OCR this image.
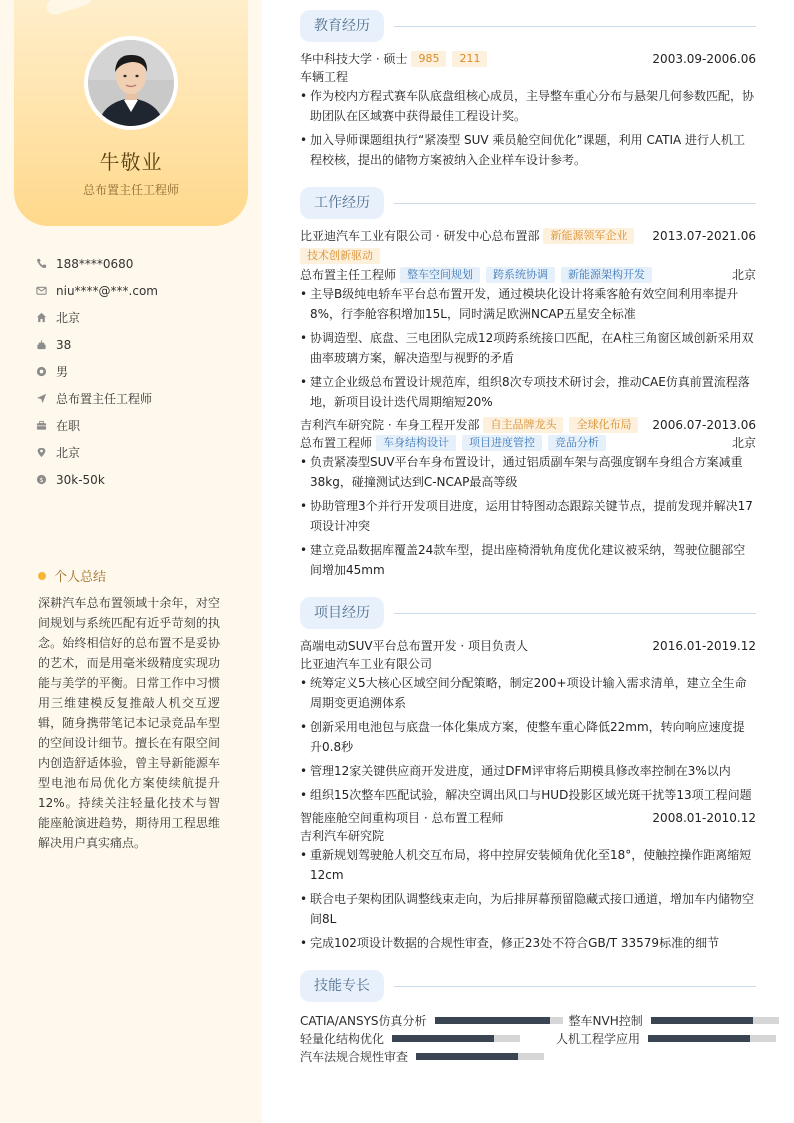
牛敬业
总布置主任工程师
188****0680
niu****@***.com
北京
38
男
总布置主任工程师
在职
北京
$ 30k-50k
个人总结
深耕汽车总布置领域十余年，对空间规划与系统匹配有近乎苛刻的执念。始终相信好的总布置不是妥协的艺术，而是用毫米级精度实现功能与美学的平衡。日常工作中习惯用三维建模反复推敲人机交互逻辑，随身携带笔记本记录竞品车型的空间设计细节。擅长在有限空间内创造舒适体验，曾主导新能源车型电池布局优化方案使续航提升12%。持续关注轻量化技术与智能座舱演进趋势，期待用工程思维解决用户真实痛点。
教育经历
华中科技大学 · 硕士	985	211	2003.09-2006.06
车辆工程
• 作为校内方程式赛车队底盘组核心成员，主导整车重心分布与悬架几何参数匹配，协助团队在区域赛中获得最佳工程设计奖。
• 加入导师课题组执行“紧凑型 SUV 乘员舱空间优化”课题，利用 CATIA 进行人机工程校核，提出的储物方案被纳入企业样车设计参考。
工作经历
比亚迪汽车工业有限公司 · 研发中心总布置部	新能源领军企业	2013.07-2021.06
技术创新驱动
总布置主任工程师	整车空间规划	跨系统协调	新能源架构开发	北京
• 主导B级纯电轿车平台总布置开发，通过模块化设计将乘客舱有效空间利用率提升8%，行李舱容积增加15L，同时满足欧洲NCAP五星安全标准
• 协调造型、底盘、三电团队完成12项跨系统接口匹配，在A柱三角窗区域创新采用双曲率玻璃方案，解决造型与视野的矛盾
• 建立企业级总布置设计规范库，组织8次专项技术研讨会，推动CAE仿真前置流程落地，新项目设计迭代周期缩短20%
吉利汽车研究院 · 车身工程开发部	自主品牌龙头	全球化布局	2006.07-2013.06
总布置工程师	车身结构设计	项目进度管控	竞品分析	北京
• 负责紧凑型SUV平台车身布置设计，通过铝质副车架与高强度钢车身组合方案减重38kg，碰撞测试达到C-NCAP最高等级
• 协助管理3个并行开发项目进度，运用甘特图动态跟踪关键节点，提前发现并解决17项设计冲突
• 建立竞品数据库覆盖24款车型，提出座椅滑轨角度优化建议被采纳，驾驶位腿部空间增加45mm
项目经历
高端电动SUV平台总布置开发 · 项目负责人	2016.01-2019.12
比亚迪汽车工业有限公司
• 统筹定义5大核心区域空间分配策略，制定200+项设计输入需求清单，建立全生命周期变更追溯体系
• 创新采用电池包与底盘一体化集成方案，使整车重心降低22mm，转向响应速度提升0.8秒
• 管理12家关键供应商开发进度，通过DFM评审将后期模具修改率控制在3%以内
• 组织15次整车匹配试验，解决空调出风口与HUD投影区域光斑干扰等13项工程问题
智能座舱空间重构项目 · 总布置工程师	2008.01-2010.12
吉利汽车研究院
• 重新规划驾驶舱人机交互布局，将中控屏安装倾角优化至18°，使触控操作距离缩短12cm
• 联合电子架构团队调整线束走向，为后排屏幕预留隐藏式接口通道，增加车内储物空间8L
• 完成102项设计数据的合规性审查，修正23处不符合GB/T 33579标准的细节
技能专长
CATIA/ANSYS仿真分析	整车NVH控制
轻量化结构优化	人机工程学应用
汽车法规合规性审查
